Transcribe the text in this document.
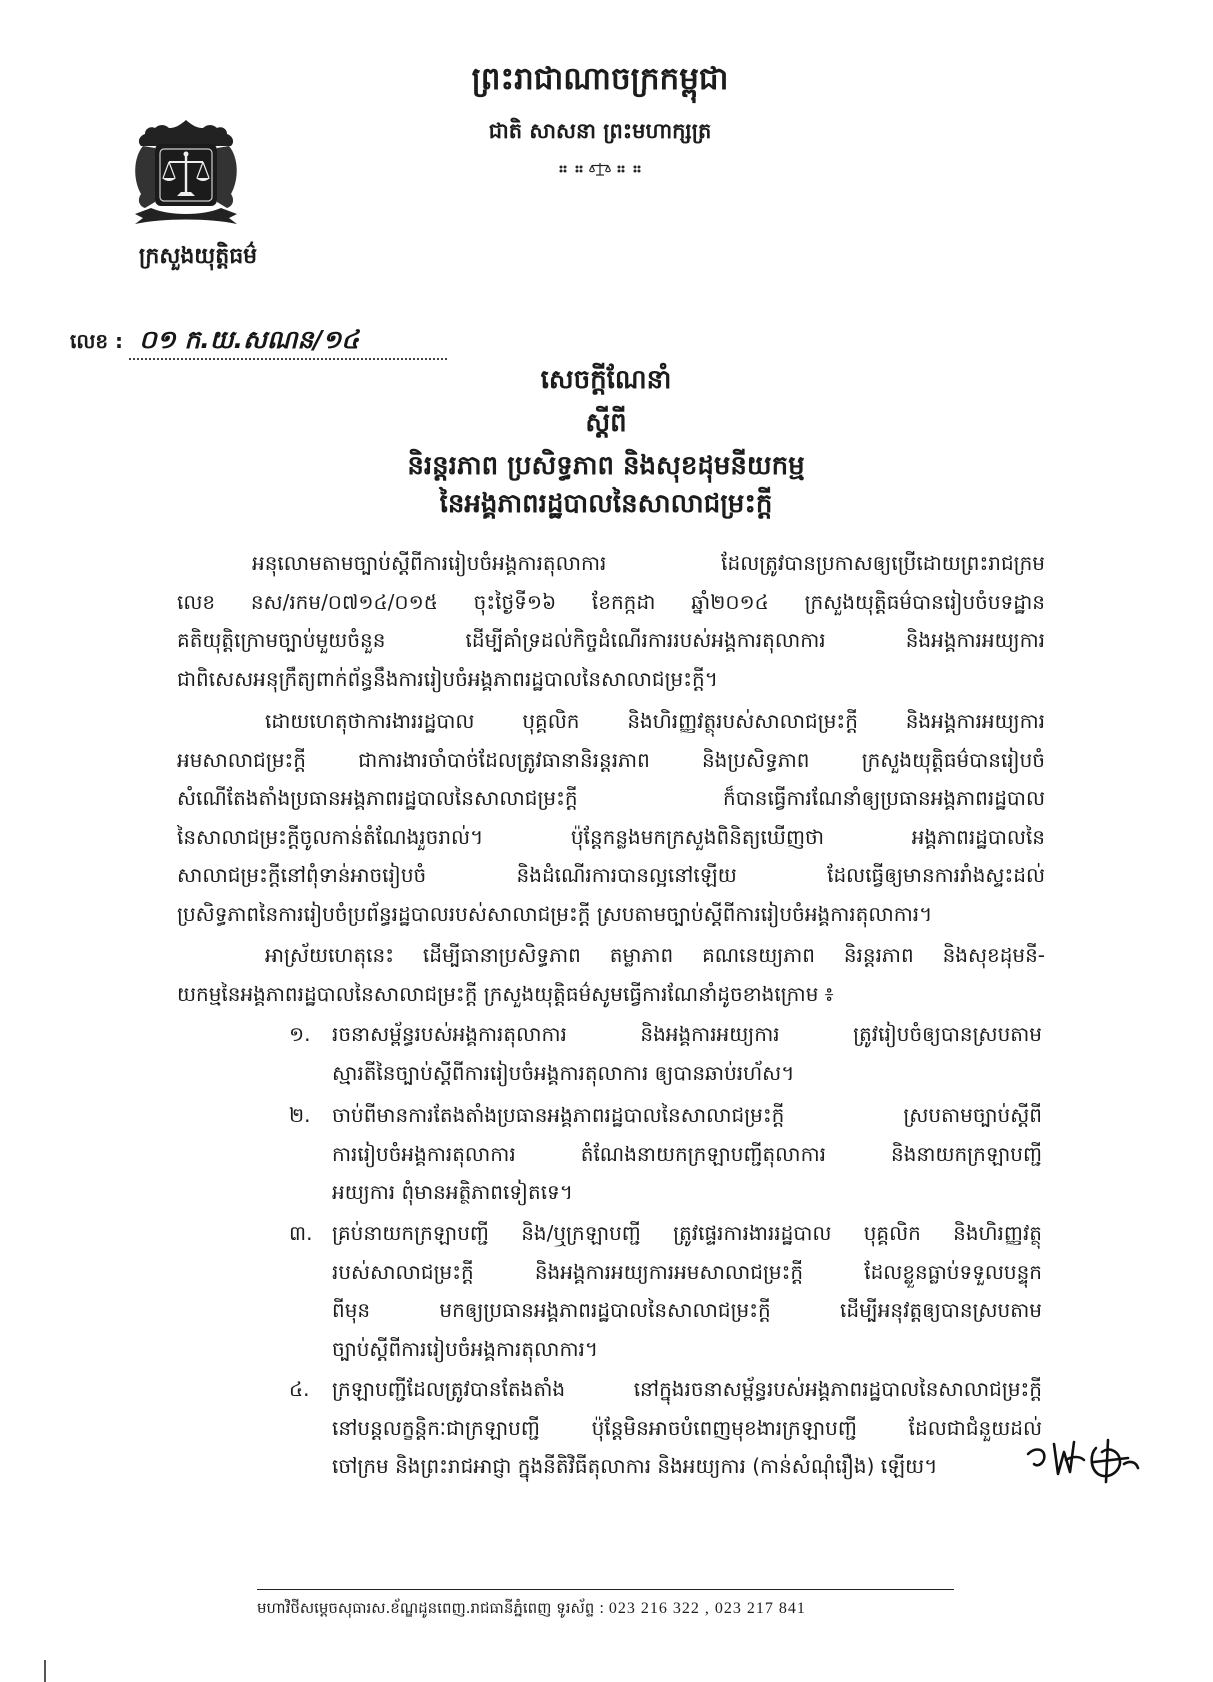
ព្រះរាជាណាចក្រកម្ពុជា
ជាតិ សាសនា ព្រះមហាក្សត្រ
ក្រសួងយុត្តិធម៌
លេខ : ០១ ក.យ.សណន/១៤
សេចក្តីណែនាំ
ស្តីពី
និរន្តរភាព ប្រសិទ្ធភាព និងសុខដុមនីយកម្ម
នៃអង្គភាពរដ្ឋបាលនៃសាលាជម្រះក្តី
អនុលោមតាមច្បាប់ស្តីពីការរៀបចំអង្គការតុលាការ ដែលត្រូវបានប្រកាសឲ្យប្រើដោយព្រះរាជក្រម
លេខ នស/រកម/០៧១៤/០១៥ ចុះថ្ងៃទី១៦ ខែកក្កដា ឆ្នាំ២០១៤ ក្រសួងយុត្តិធម៌បានរៀបចំបទដ្ឋាន
គតិយុត្តិក្រោមច្បាប់មួយចំនួន ដើម្បីគាំទ្រដល់កិច្ចដំណើរការរបស់អង្គការតុលាការ និងអង្គការអយ្យការ
ជាពិសេសអនុក្រឹត្យពាក់ព័ន្ធនឹងការរៀបចំអង្គភាពរដ្ឋបាលនៃសាលាជម្រះក្តី។
ដោយហេតុថាការងាររដ្ឋបាល បុគ្គលិក និងហិរញ្ញវត្ថុរបស់សាលាជម្រះក្តី និងអង្គការអយ្យការ
អមសាលាជម្រះក្តី ជាការងារចាំបាច់ដែលត្រូវធានានិរន្តរភាព និងប្រសិទ្ធភាព ក្រសួងយុត្តិធម៌បានរៀបចំ
សំណើតែងតាំងប្រធានអង្គភាពរដ្ឋបាលនៃសាលាជម្រះក្តី ក៏បានធ្វើការណែនាំឲ្យប្រធានអង្គភាពរដ្ឋបាល
នៃសាលាជម្រះក្តីចូលកាន់តំណែងរួចរាល់។ ប៉ុន្តែកន្លងមកក្រសួងពិនិត្យឃើញថា អង្គភាពរដ្ឋបាលនៃ
សាលាជម្រះក្តីនៅពុំទាន់អាចរៀបចំ និងដំណើរការបានល្អនៅឡើយ ដែលធ្វើឲ្យមានការរាំងស្ទះដល់
ប្រសិទ្ធភាពនៃការរៀបចំប្រព័ន្ធរដ្ឋបាលរបស់សាលាជម្រះក្តី ស្របតាមច្បាប់ស្តីពីការរៀបចំអង្គការតុលាការ។
អាស្រ័យហេតុនេះ ដើម្បីធានាប្រសិទ្ធភាព តម្លាភាព គណនេយ្យភាព និរន្តរភាព និងសុខដុមនី-
យកម្មនៃអង្គភាពរដ្ឋបាលនៃសាលាជម្រះក្តី ក្រសួងយុត្តិធម៌សូមធ្វើការណែនាំដូចខាងក្រោម ៖
១.	រចនាសម្ព័ន្ធរបស់អង្គការតុលាការ និងអង្គការអយ្យការ ត្រូវរៀបចំឲ្យបានស្របតាម
ស្មារតីនៃច្បាប់ស្តីពីការរៀបចំអង្គការតុលាការ ឲ្យបានឆាប់រហ័ស។
២.	ចាប់ពីមានការតែងតាំងប្រធានអង្គភាពរដ្ឋបាលនៃសាលាជម្រះក្តី ស្របតាមច្បាប់ស្តីពី
ការរៀបចំអង្គការតុលាការ តំណែងនាយកក្រឡាបញ្ជីតុលាការ និងនាយកក្រឡាបញ្ជី
អយ្យការ ពុំមានអត្ថិភាពទៀតទេ។
៣. គ្រប់នាយកក្រឡាបញ្ជី និង/ឬក្រឡាបញ្ជី ត្រូវផ្ទេរការងាររដ្ឋបាល បុគ្គលិក និងហិរញ្ញវត្ថុ
របស់សាលាជម្រះក្តី និងអង្គការអយ្យការអមសាលាជម្រះក្តី ដែលខ្លួនធ្លាប់ទទួលបន្ទុក
ពីមុន មកឲ្យប្រធានអង្គភាពរដ្ឋបាលនៃសាលាជម្រះក្តី ដើម្បីអនុវត្តឲ្យបានស្របតាម
ច្បាប់ស្តីពីការរៀបចំអង្គការតុលាការ។
៤.	ក្រឡាបញ្ជីដែលត្រូវបានតែងតាំង នៅក្នុងរចនាសម្ព័ន្ធរបស់អង្គភាពរដ្ឋបាលនៃសាលាជម្រះក្តី
នៅបន្តលក្ខន្តិកៈជាក្រឡាបញ្ជី ប៉ុន្តែមិនអាចបំពេញមុខងារក្រឡាបញ្ជី ដែលជាជំនួយដល់
ចៅក្រម និងព្រះរាជអាជ្ញា ក្នុងនីតិវិធីតុលាការ និងអយ្យការ (កាន់សំណុំរឿង) ឡើយ។
មហាវិថីសម្តេចសុធារស.ខ័ណ្ឌដូនពេញ.រាជធានីភ្នំពេញ ទូរស័ព្ទ : 023 216 322 , 023 217 841
